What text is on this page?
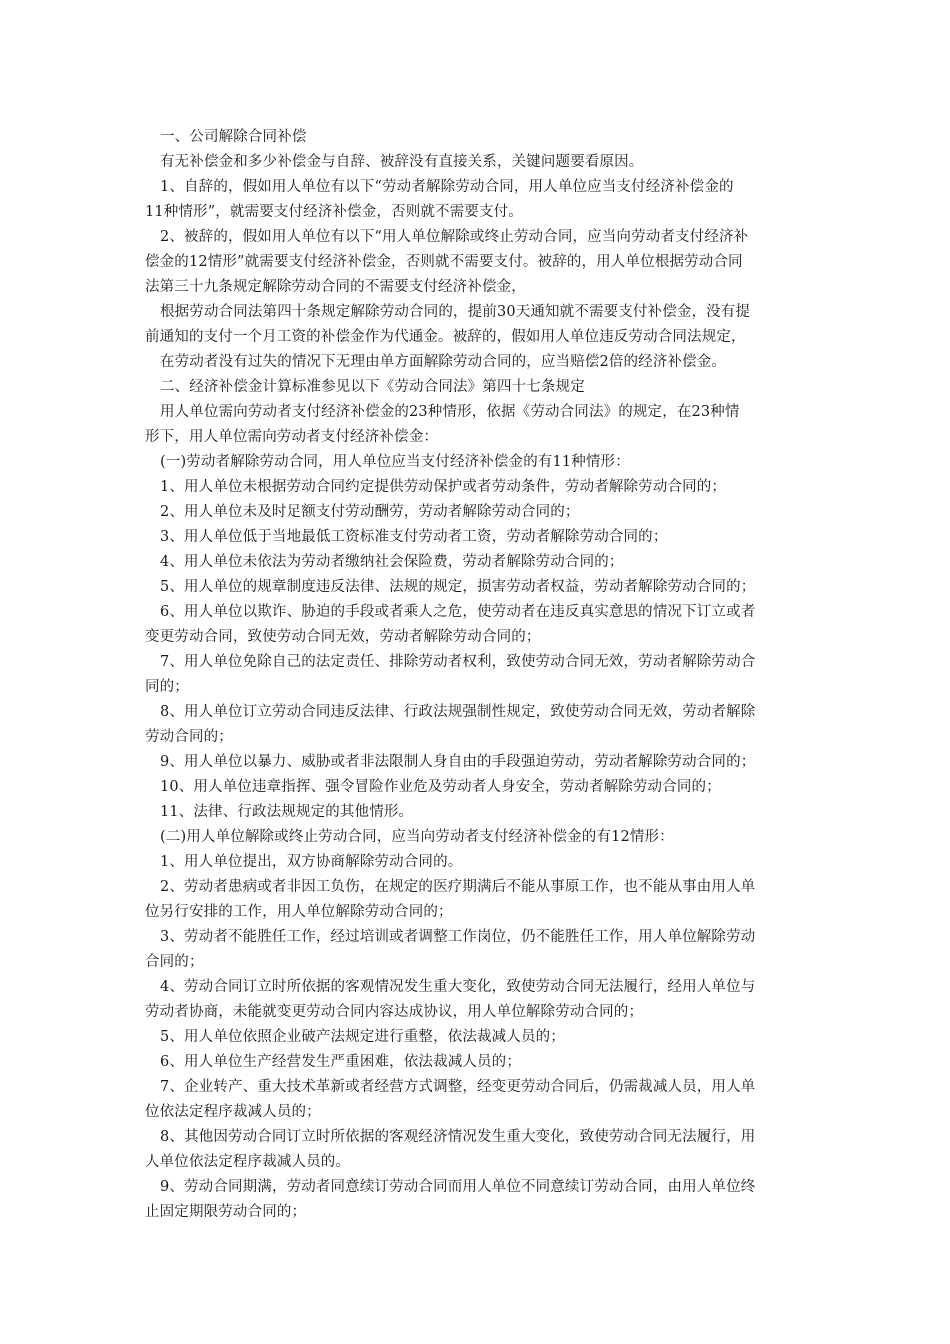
一、公司解除合同补偿
有无补偿金和多少补偿金与自辞、被辞没有直接关系，关键问题要看原因。
1、自辞的，假如用人单位有以下“劳动者解除劳动合同，用人单位应当支付经济补偿金的
11种情形”，就需要支付经济补偿金，否则就不需要支付。
2、被辞的，假如用人单位有以下“用人单位解除或终止劳动合同，应当向劳动者支付经济补
偿金的12情形”就需要支付经济补偿金，否则就不需要支付。被辞的，用人单位根据劳动合同
法第三十九条规定解除劳动合同的不需要支付经济补偿金，
根据劳动合同法第四十条规定解除劳动合同的，提前30天通知就不需要支付补偿金，没有提
前通知的支付一个月工资的补偿金作为代通金。被辞的，假如用人单位违反劳动合同法规定，
在劳动者没有过失的情况下无理由单方面解除劳动合同的，应当赔偿2倍的经济补偿金。
二、经济补偿金计算标准参见以下《劳动合同法》第四十七条规定
用人单位需向劳动者支付经济补偿金的23种情形，依据《劳动合同法》的规定，在23种情
形下，用人单位需向劳动者支付经济补偿金：
(一)劳动者解除劳动合同，用人单位应当支付经济补偿金的有11种情形：
1、用人单位未根据劳动合同约定提供劳动保护或者劳动条件，劳动者解除劳动合同的；
2、用人单位未及时足额支付劳动酬劳，劳动者解除劳动合同的；
3、用人单位低于当地最低工资标准支付劳动者工资，劳动者解除劳动合同的；
4、用人单位未依法为劳动者缴纳社会保险费，劳动者解除劳动合同的；
5、用人单位的规章制度违反法律、法规的规定，损害劳动者权益，劳动者解除劳动合同的；
6、用人单位以欺诈、胁迫的手段或者乘人之危，使劳动者在违反真实意思的情况下订立或者
变更劳动合同，致使劳动合同无效，劳动者解除劳动合同的；
7、用人单位免除自己的法定责任、排除劳动者权利，致使劳动合同无效，劳动者解除劳动合
同的；
8、用人单位订立劳动合同违反法律、行政法规强制性规定，致使劳动合同无效，劳动者解除
劳动合同的；
9、用人单位以暴力、威胁或者非法限制人身自由的手段强迫劳动，劳动者解除劳动合同的；
10、用人单位违章指挥、强令冒险作业危及劳动者人身安全，劳动者解除劳动合同的；
11、法律、行政法规规定的其他情形。
(二)用人单位解除或终止劳动合同，应当向劳动者支付经济补偿金的有12情形：
1、用人单位提出，双方协商解除劳动合同的。
2、劳动者患病或者非因工负伤，在规定的医疗期满后不能从事原工作，也不能从事由用人单
位另行安排的工作，用人单位解除劳动合同的；
3、劳动者不能胜任工作，经过培训或者调整工作岗位，仍不能胜任工作，用人单位解除劳动
合同的；
4、劳动合同订立时所依据的客观情况发生重大变化，致使劳动合同无法履行，经用人单位与
劳动者协商，未能就变更劳动合同内容达成协议，用人单位解除劳动合同的；
5、用人单位依照企业破产法规定进行重整，依法裁减人员的；
6、用人单位生产经营发生严重困难，依法裁减人员的；
7、企业转产、重大技术革新或者经营方式调整，经变更劳动合同后，仍需裁减人员，用人单
位依法定程序裁减人员的；
8、其他因劳动合同订立时所依据的客观经济情况发生重大变化，致使劳动合同无法履行，用
人单位依法定程序裁减人员的。
9、劳动合同期满，劳动者同意续订劳动合同而用人单位不同意续订劳动合同，由用人单位终
止固定期限劳动合同的；
